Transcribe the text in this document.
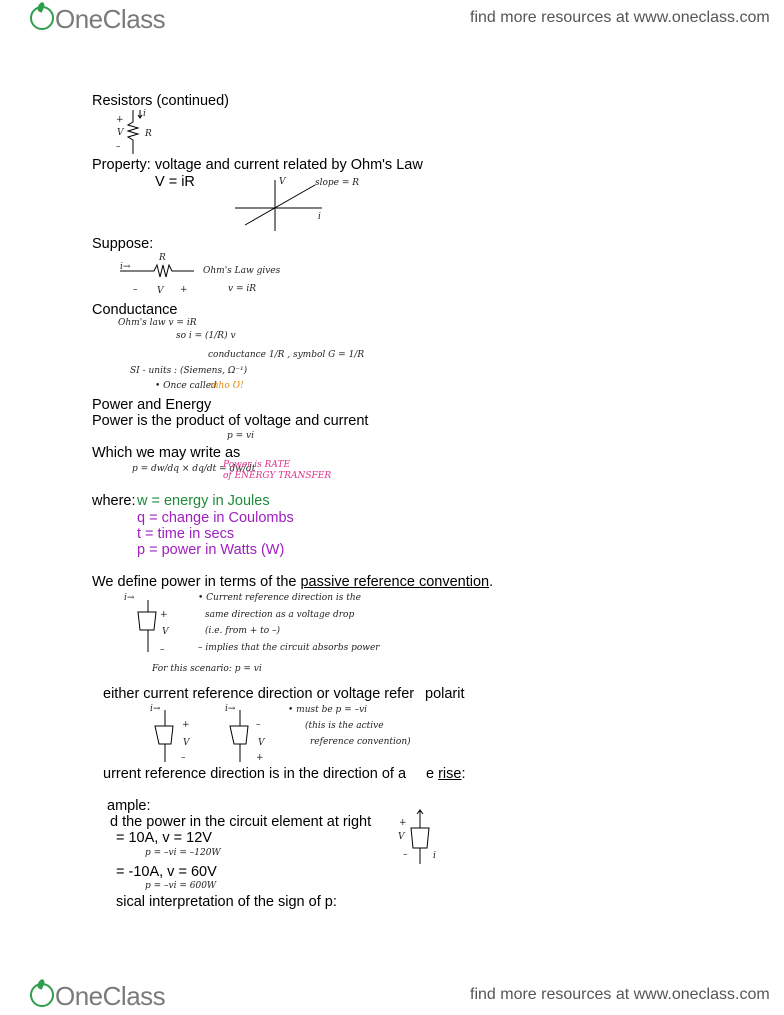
OneClass	find more resources at www.oneclass.com
Resistors (continued)
+
V R
–
i
Property: voltage and current related by Ohm's Law
V = iR	V	slope = R
i
Suppose:
i→
R
– V +
Ohm's Law gives
v = iR
Conductance
Ohm's law v = iR
so i = (1/R) v
conductance 1/R , symbol G = 1/R
SI - units : (Siemens, Ω⁻¹)
• Once called
mho Ʊ!
Power and Energy
Power is the product of voltage and current
p = vi
Which we may write as
p = dw/dq × dq/dt = dw/dt
Power is RATE
of ENERGY TRANSFER
where: w = energy in Joules
q = change in Coulombs
t = time in secs
p = power in Watts (W)
We define power in terms of the passive reference convention.
i→
+
V
–
• Current reference direction is the
same direction as a voltage drop
(i.e. from + to –)
– implies that the circuit absorbs power
For this scenario: p = vi
either current reference direction or voltage refer polarit
i→
+
V
–
i→
–
V
+
• must be p = –vi
(this is the active
reference convention)
urrent reference direction is in the direction of a e rise:
ample:
d the power in the circuit element at right
= 10A, v = 12V
p = –vi = –120W
= -10A, v = 60V
p = –vi = 600W
sical interpretation of the sign of p:
+
V
–	i
OneClass	find more resources at www.oneclass.com
